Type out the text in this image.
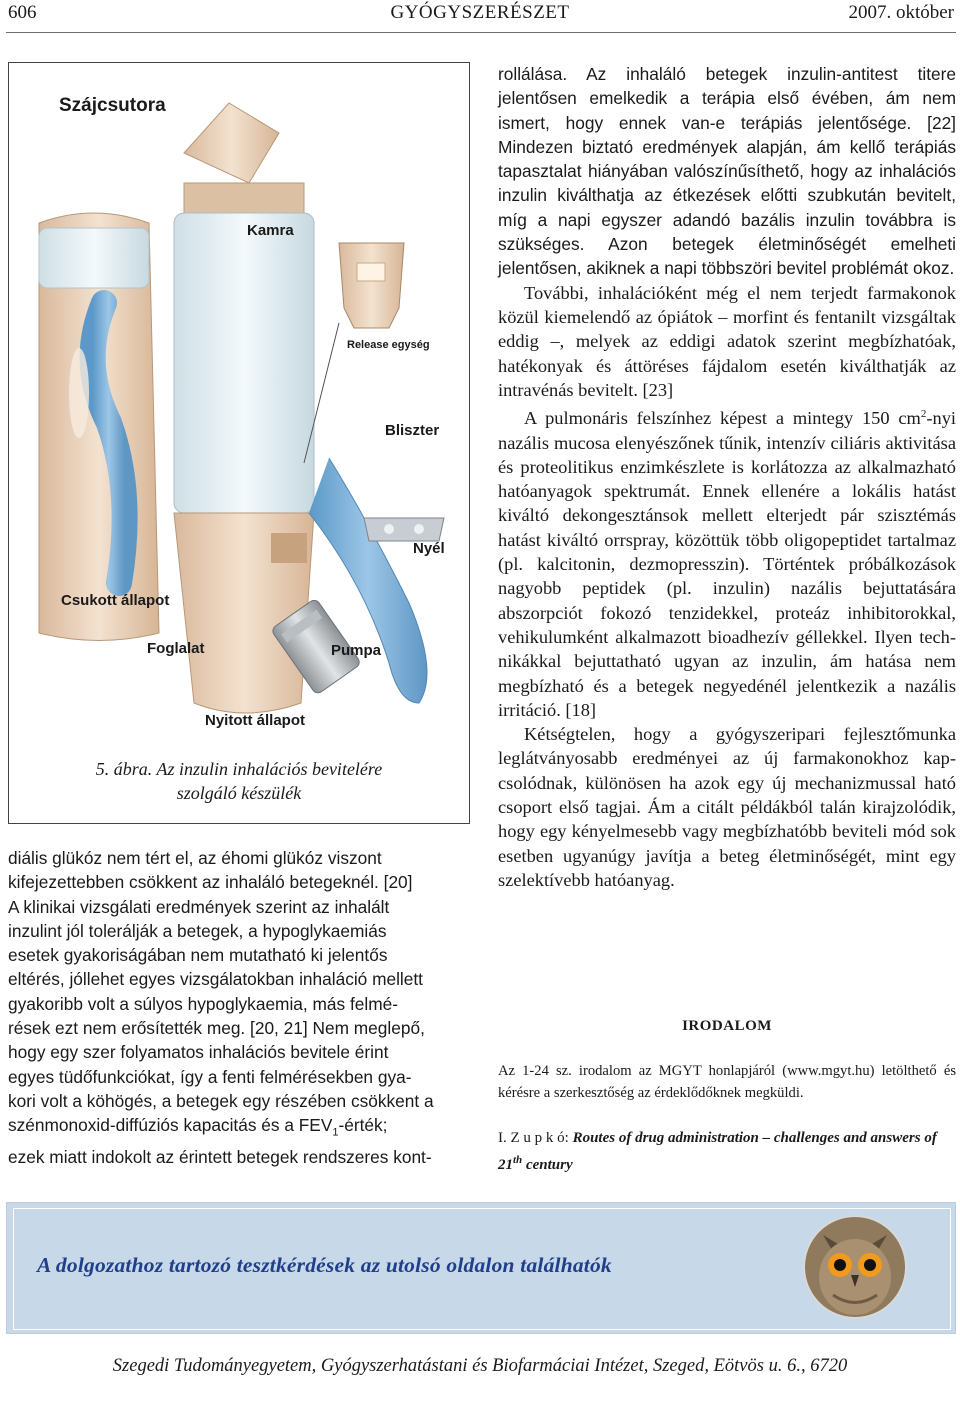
606	GYÓGYSZERÉSZET	2007. október
Szájcsutora
Kamra
Release egység
Bliszter
Nyél
Csukott állapot
Foglalat	Pumpa
Nyitott állapot
5. ábra. Az inzulin inhalációs bevitelére
szolgáló készülék
diális glükóz nem tért el, az éhomi glükóz viszont
kifejezettebben csökkent az inhaláló betegeknél. [20]
A klinikai vizsgálati eredmények szerint az inhalált
inzulint jól tolerálják a betegek, a hypoglykaemiás
esetek gyakoriságában nem mutatható ki jelentős
eltérés, jóllehet egyes vizsgálatokban inhaláció mellett
gyakoribb volt a súlyos hypoglykaemia, más felmé-
rések ezt nem erősítették meg. [20, 21] Nem meglepő,
hogy egy szer folyamatos inhalációs bevitele érint
egyes tüdőfunkciókat, így a fenti felmérésekben gya-
kori volt a köhögés, a betegek egy részében csökkent a
szénmonoxid-diffúziós kapacitás és a $FEV_1$-érték;
ezek miatt indokolt az érintett betegek rendszeres kont-

rollálása. Az inhaláló betegek inzulin-antitest titere jelentősen emelkedik a terápia első évében, ám nem ismert, hogy ennek van-e terápiás jelentősége. [22] Mindezen biztató eredmények alapján, ám kellő terápiás tapasztalat hiányában valószínűsíthető, hogy az inhalációs inzulin kiválthatja az étkezések előtti szubkután bevitelt, míg a napi egyszer adandó bazális inzulin továbbra is szükséges. Azon betegek életminőségét emelheti jelentősen, akiknek a napi többszöri bevitel problémát okoz.

További, inhalációként még el nem terjedt farmakonok közül kiemelendő az ópiátok – morfint és fentanilt vizsgáltak eddig –, melyek az eddigi adatok szerint megbízhatóak, hatékonyak és áttöréses fájdalom esetén kiválthatják az intravénás bevitelt. [23]

A pulmonáris felszínhez képest a mintegy 150 $cm^2$-nyi nazális mucosa elenyészőnek tűnik, intenzív ciliáris aktivitása és proteolitikus enzimkészlete is korlátozza az alkalmazható hatóanyagok spektrumát. Ennek ellenére a lokális hatást kiváltó dekongesztánsok mellett elterjedt pár szisztémás hatást kiváltó orrspray, közöttük több oligopeptidet tartalmaz (pl. kalcitonin, dezmopresszin). Történtek próbálkozások nagyobb peptidek (pl. inzulin) nazális bejuttatására abszorpciót fokozó tenzidekkel, proteáz inhibitorokkal, vehikulumként alkalmazott bioadhezív géllekkel. Ilyen technikákkal bejuttatható ugyan az inzulin, ám hatása nem megbízható és a betegek negyedénél jelentkezik a nazális irritáció. [18]

Kétségtelen, hogy a gyógyszeripari fejlesztőmunka leglátványosabb eredményei az új farmakonokhoz kapcsolódnak, különösen ha azok egy új mechanizmussal ható csoport első tagjai. Ám a citált példákból talán kirajzolódik, hogy egy kényelmesebb vagy megbízhatóbb beviteli mód sok esetben ugyanúgy javítja a beteg életminőségét, mint egy szelektívebb hatóanyag.

IRODALOM
Az 1-24 sz. irodalom az MGYT honlapjáról (www.mgyt.hu) letölthető és kérésre a szerkesztőség az érdeklődőknek megküldi.
I. Z u p k ó: Routes of drug administration – challenges and answers of 21th century
A dolgozathoz tartozó tesztkérdések az utolsó oldalon találhatók
Szegedi Tudományegyetem, Gyógyszerhatástani és Biofarmáciai Intézet, Szeged, Eötvös u. 6., 6720
